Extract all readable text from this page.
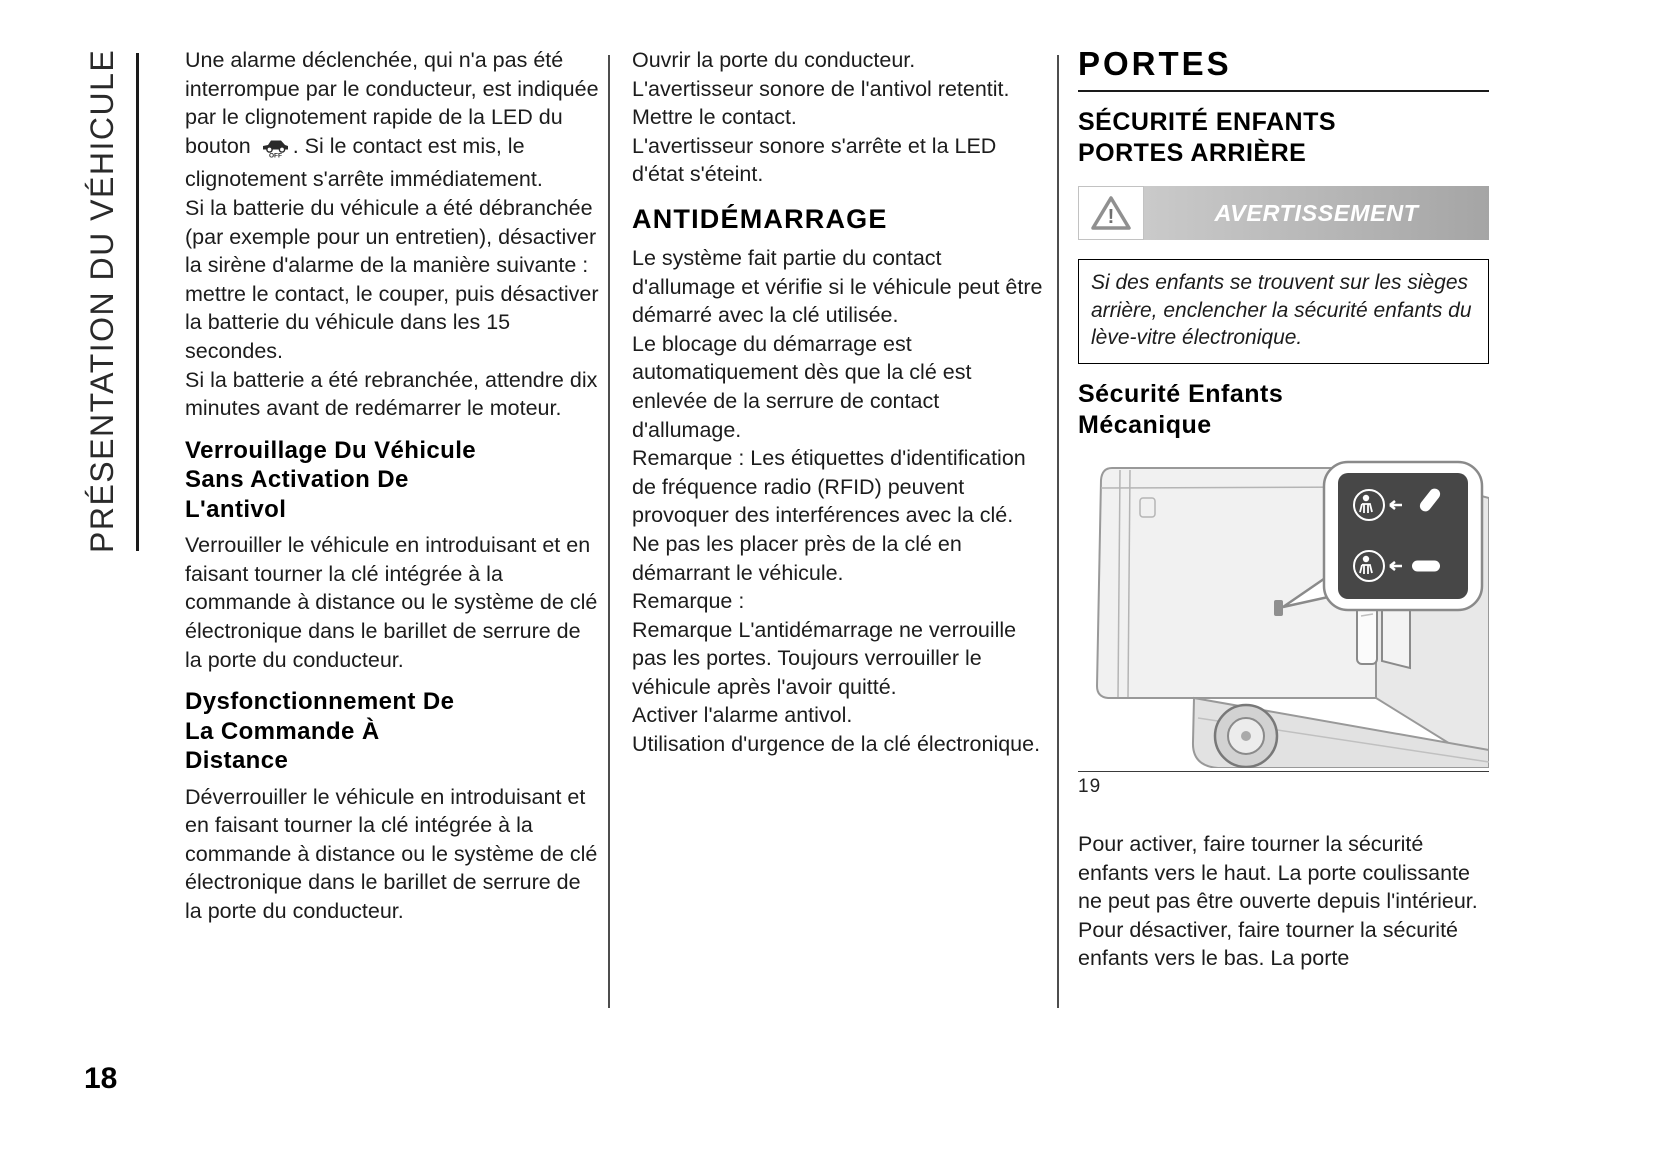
PRÉSENTATION DU VÉHICULE
18

Une alarme déclenchée, qui n'a pas été interrompue par le conducteur, est indiquée par le clignotement rapide de la LED du bouton OFF . Si le contact est mis, le clignotement s'arrête immédiatement.

Si la batterie du véhicule a été débranchée (par exemple pour un entretien), désactiver la sirène d'alarme de la manière suivante : mettre le contact, le couper, puis désactiver la batterie du véhicule dans les 15 secondes.

Si la batterie a été rebranchée, attendre dix minutes avant de redémarrer le moteur.

Verrouillage Du Véhicule
Sans Activation De
L'antivol

Verrouiller le véhicule en introduisant et en faisant tourner la clé intégrée à la commande à distance ou le système de clé électronique dans le barillet de serrure de la porte du conducteur.

Dysfonctionnement De
La Commande À
Distance

Déverrouiller le véhicule en introduisant et en faisant tourner la clé intégrée à la commande à distance ou le système de clé électronique dans le barillet de serrure de la porte du conducteur.

Ouvrir la porte du conducteur.

L'avertisseur sonore de l'antivol retentit.

Mettre le contact.

L'avertisseur sonore s'arrête et la LED d'état s'éteint.

ANTIDÉMARRAGE

Le système fait partie du contact d'allumage et vérifie si le véhicule peut être démarré avec la clé utilisée.

Le blocage du démarrage est automatiquement dès que la clé est enlevée de la serrure de contact d'allumage.

Remarque : Les étiquettes d'identification de fréquence radio (RFID) peuvent provoquer des interférences avec la clé. Ne pas les placer près de la clé en démarrant le véhicule.

Remarque :

Remarque L'antidémarrage ne verrouille pas les portes. Toujours verrouiller le véhicule après l'avoir quitté.

Activer l'alarme antivol.

Utilisation d'urgence de la clé électronique.

PORTES
SÉCURITÉ ENFANTS
PORTES ARRIÈRE
!	AVERTISSEMENT

Si des enfants se trouvent sur les sièges arrière, enclencher la sécurité enfants du lève-vitre électronique.

Sécurité Enfants
Mécanique
19

Pour activer, faire tourner la sécurité enfants vers le haut. La porte coulissante ne peut pas être ouverte depuis l'intérieur.

Pour désactiver, faire tourner la sécurité enfants vers le bas. La porte
